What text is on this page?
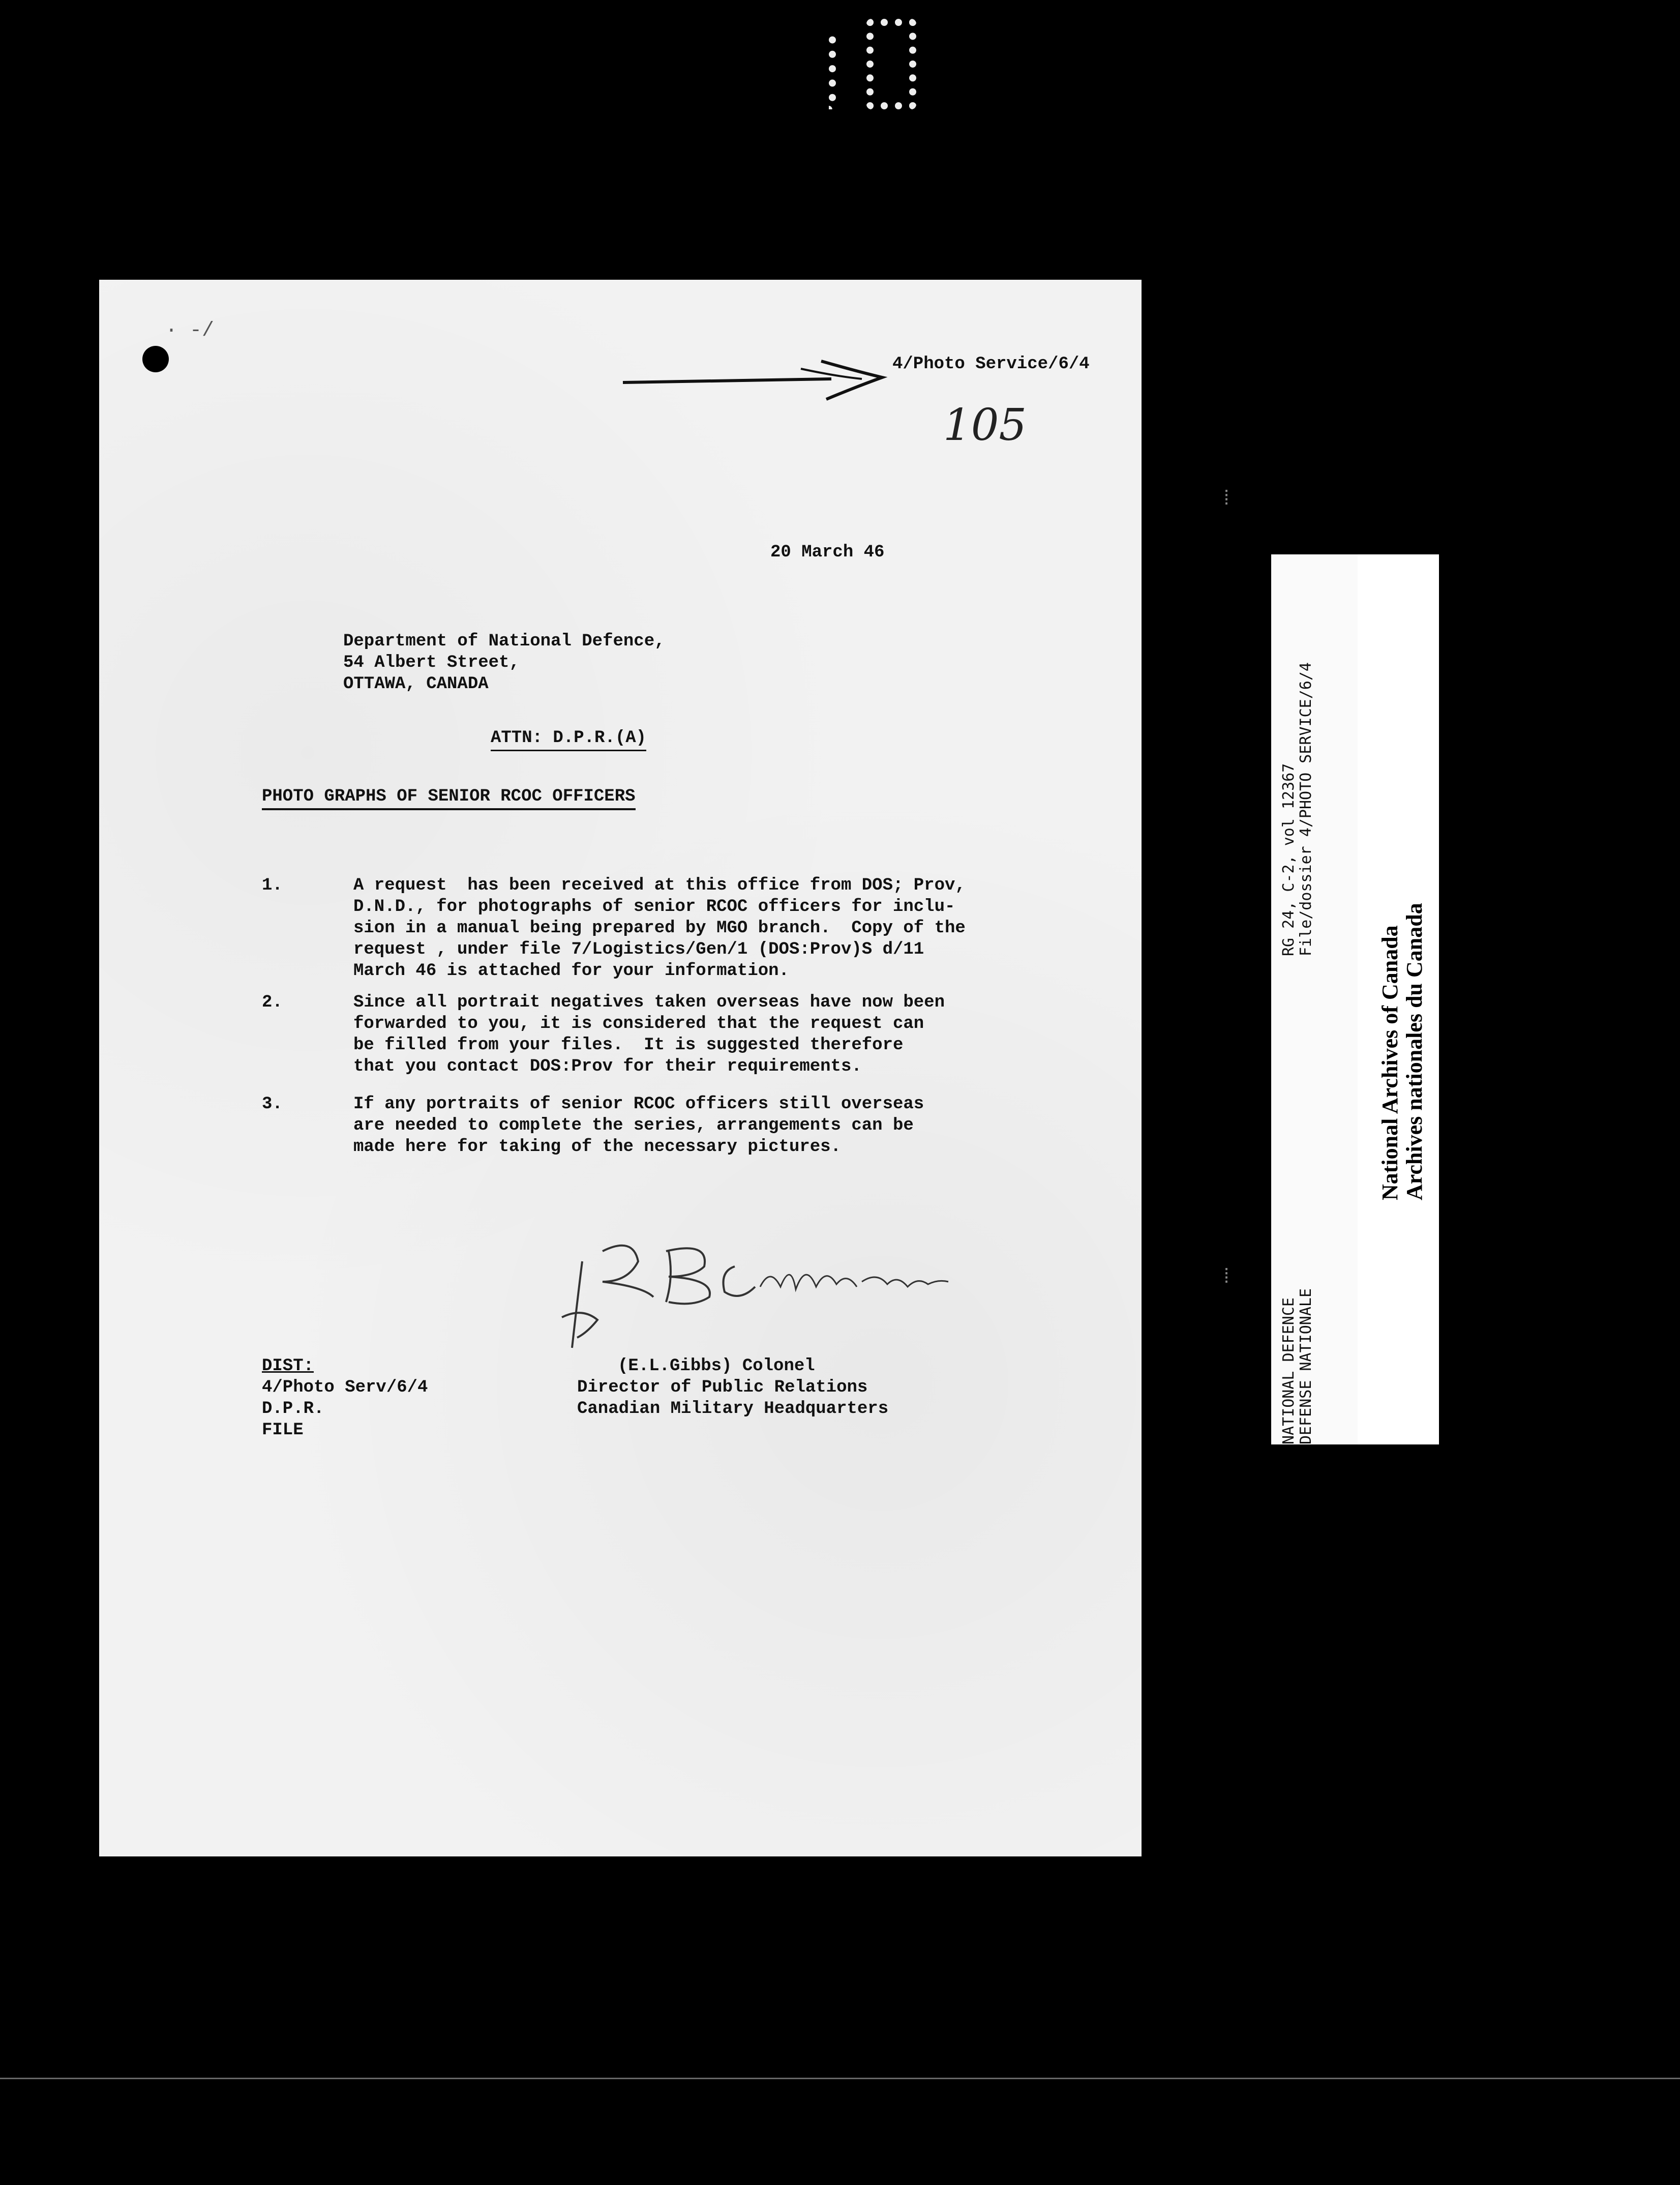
· -/
4/Photo Service/6/4
105
20 March 46
Department of National Defence,
54 Albert Street,
OTTAWA, CANADA
ATTN: D.P.R.(A)
PHOTO GRAPHS OF SENIOR RCOC OFFICERS
1.	A request  has been received at this office from DOS; Prov,
D.N.D., for photographs of senior RCOC officers for inclu-
sion in a manual being prepared by MGO branch.  Copy of the
request , under file 7/Logistics/Gen/1 (DOS:Prov)S d/11
March 46 is attached for your information.
2.	Since all portrait negatives taken overseas have now been
forwarded to you, it is considered that the request can
be filled from your files.  It is suggested therefore
that you contact DOS:Prov for their requirements.
3.	If any portraits of senior RCOC officers still overseas
are needed to complete the series, arrangements can be
made here for taking of the necessary pictures.
DIST:
4/Photo Serv/6/4
D.P.R.
FILE
(E.L.Gibbs) Colonel
Director of Public Relations
Canadian Military Headquarters
⁞
⁞
NATIONAL DEFENCE DEFENSE NATIONALE
RG 24, C-2, vol 12367 File/dossier 4/PHOTO SERVICE/6/4
National Archives of Canada Archives nationales du Canada
